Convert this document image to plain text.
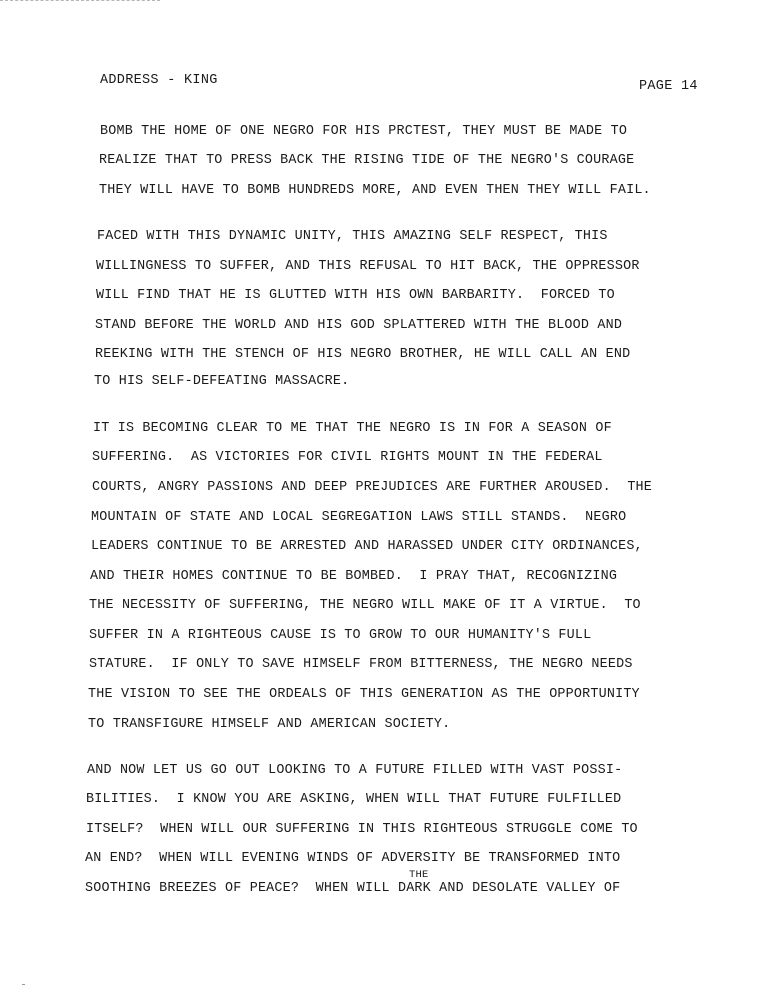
ADDRESS - KING	PAGE 14
BOMB THE HOME OF ONE NEGRO FOR HIS PRCTEST, THEY MUST BE MADE TO
REALIZE THAT TO PRESS BACK THE RISING TIDE OF THE NEGRO'S COURAGE
THEY WILL HAVE TO BOMB HUNDREDS MORE, AND EVEN THEN THEY WILL FAIL.
FACED WITH THIS DYNAMIC UNITY, THIS AMAZING SELF RESPECT, THIS
WILLINGNESS TO SUFFER, AND THIS REFUSAL TO HIT BACK, THE OPPRESSOR
WILL FIND THAT HE IS GLUTTED WITH HIS OWN BARBARITY.  FORCED TO
STAND BEFORE THE WORLD AND HIS GOD SPLATTERED WITH THE BLOOD AND
REEKING WITH THE STENCH OF HIS NEGRO BROTHER, HE WILL CALL AN END
TO HIS SELF-DEFEATING MASSACRE.
IT IS BECOMING CLEAR TO ME THAT THE NEGRO IS IN FOR A SEASON OF
SUFFERING.  AS VICTORIES FOR CIVIL RIGHTS MOUNT IN THE FEDERAL
COURTS, ANGRY PASSIONS AND DEEP PREJUDICES ARE FURTHER AROUSED.  THE
MOUNTAIN OF STATE AND LOCAL SEGREGATION LAWS STILL STANDS.  NEGRO
LEADERS CONTINUE TO BE ARRESTED AND HARASSED UNDER CITY ORDINANCES,
AND THEIR HOMES CONTINUE TO BE BOMBED.  I PRAY THAT, RECOGNIZING
THE NECESSITY OF SUFFERING, THE NEGRO WILL MAKE OF IT A VIRTUE.  TO
SUFFER IN A RIGHTEOUS CAUSE IS TO GROW TO OUR HUMANITY'S FULL
STATURE.  IF ONLY TO SAVE HIMSELF FROM BITTERNESS, THE NEGRO NEEDS
THE VISION TO SEE THE ORDEALS OF THIS GENERATION AS THE OPPORTUNITY
TO TRANSFIGURE HIMSELF AND AMERICAN SOCIETY.
AND NOW LET US GO OUT LOOKING TO A FUTURE FILLED WITH VAST POSSI-
BILITIES.  I KNOW YOU ARE ASKING, WHEN WILL THAT FUTURE FULFILLED
ITSELF?  WHEN WILL OUR SUFFERING IN THIS RIGHTEOUS STRUGGLE COME TO
AN END?  WHEN WILL EVENING WINDS OF ADVERSITY BE TRANSFORMED INTO
THE
SOOTHING BREEZES OF PEACE?  WHEN WILL DARK AND DESOLATE VALLEY OF
